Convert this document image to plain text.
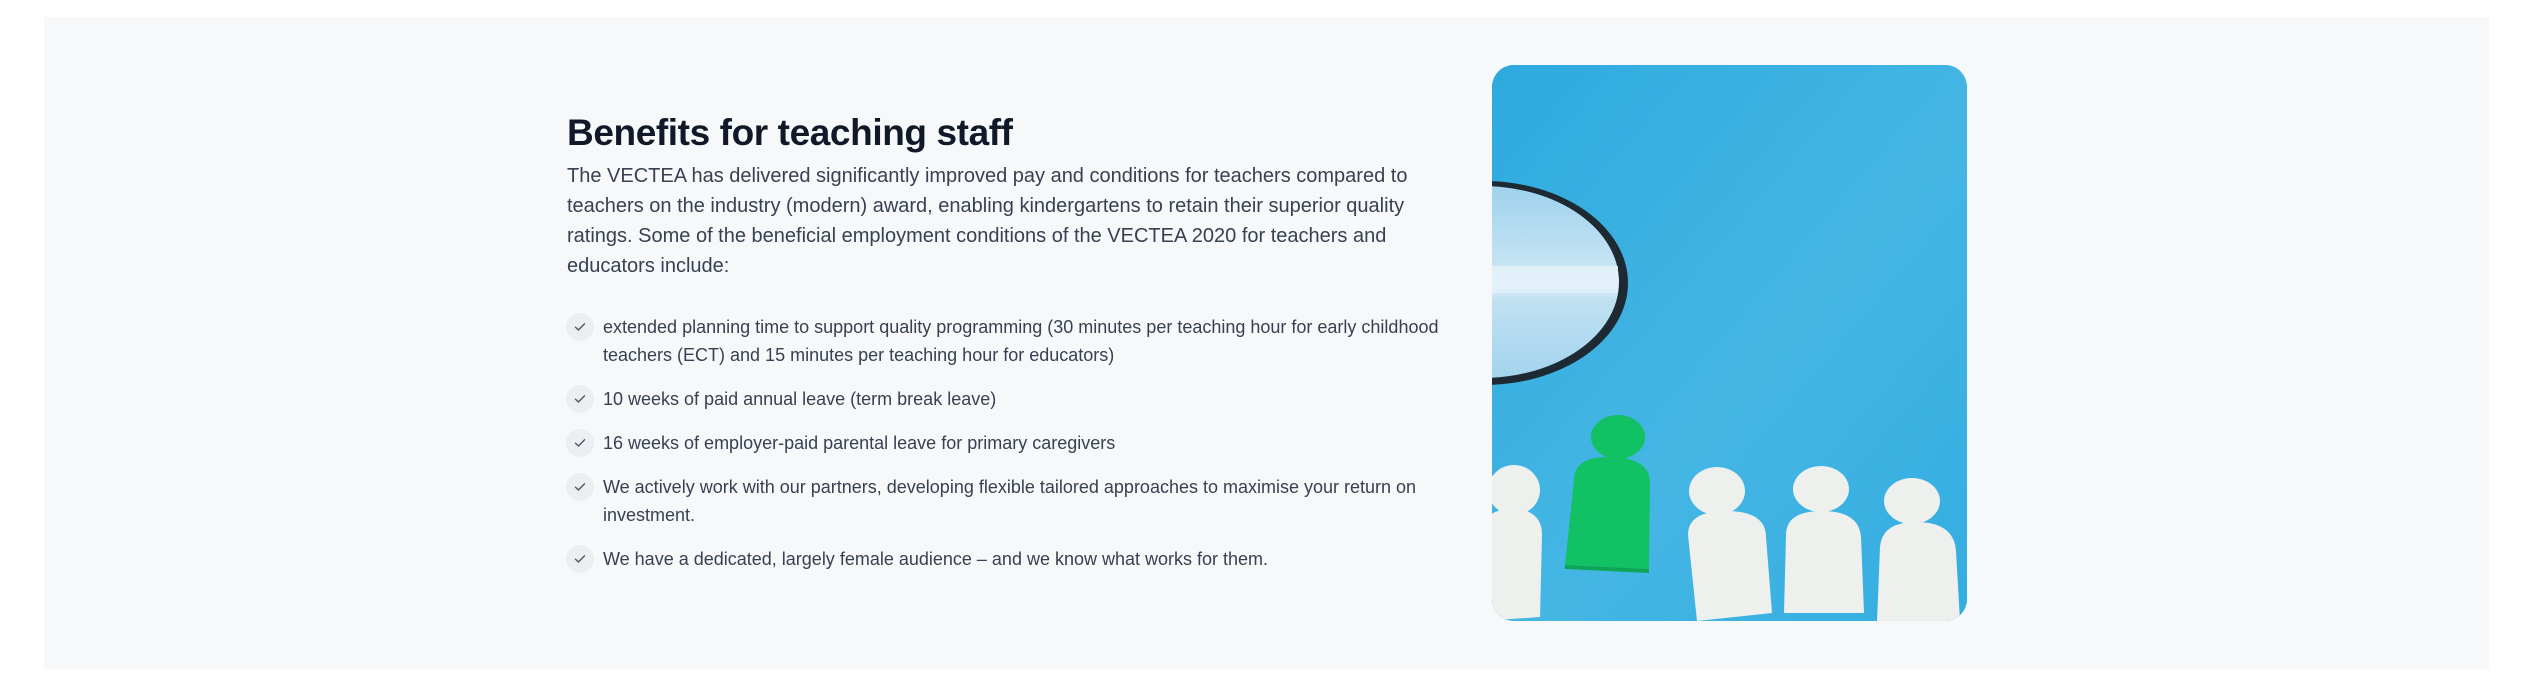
Benefits for teaching staff

The VECTEA has delivered significantly improved pay and conditions for teachers compared to
teachers on the industry (modern) award, enabling kindergartens to retain their superior quality
ratings. Some of the beneficial employment conditions of the VECTEA 2020 for teachers and
educators include:

extended planning time to support quality programming (30 minutes per teaching hour for early childhood
teachers (ECT) and 15 minutes per teaching hour for educators)
10 weeks of paid annual leave (term break leave)
16 weeks of employer-paid parental leave for primary caregivers
We actively work with our partners, developing flexible tailored approaches to maximise your return on
investment.
We have a dedicated, largely female audience – and we know what works for them.
